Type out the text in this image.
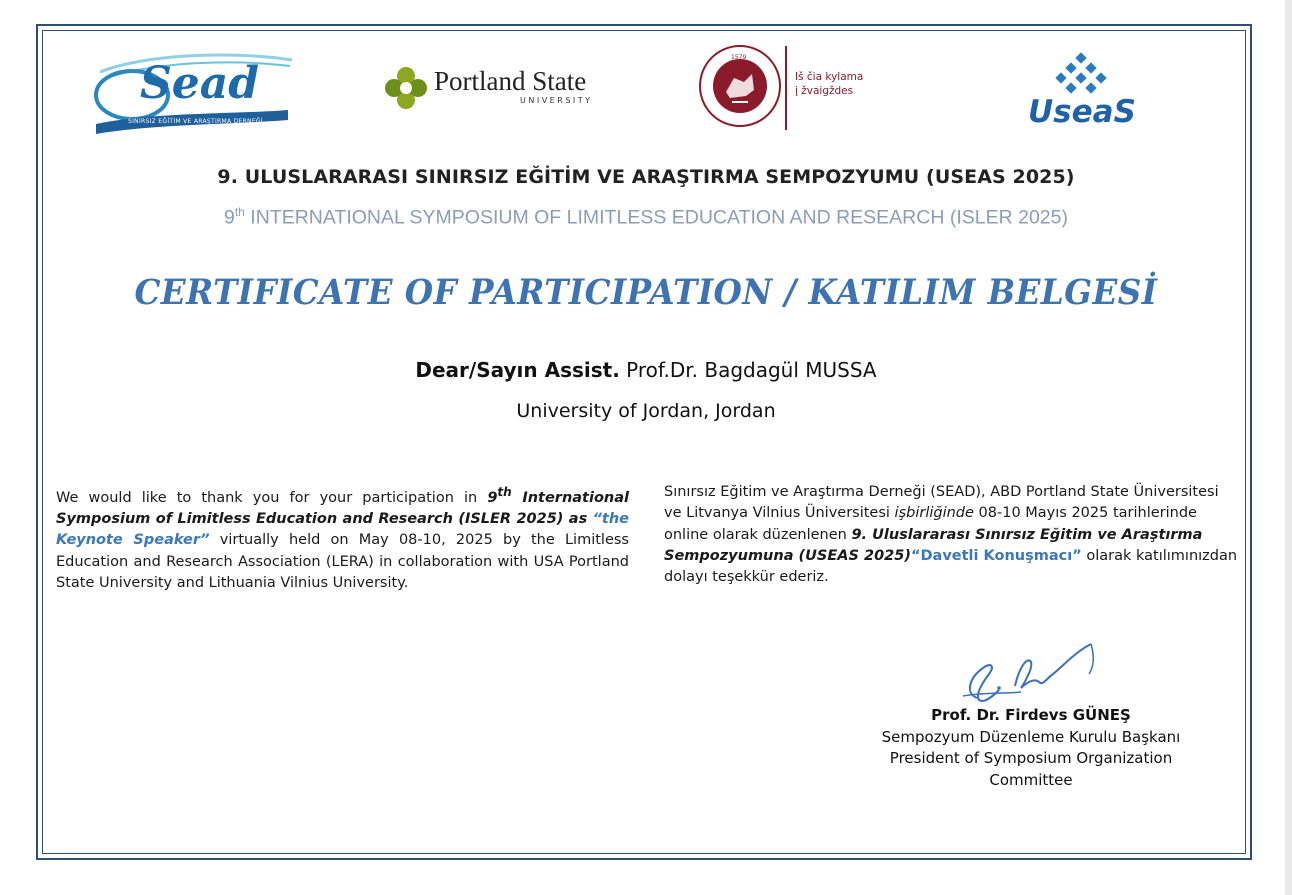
Sead
SINIRSIZ EĞİTİM VE ARAŞTIRMA DERNEĞİ
Portland State
UNIVERSITY
1579
Iš čia kylama
į žvaigždes
UseaS
9. ULUSLARARASI SINIRSIZ EĞİTİM VE ARAŞTIRMA SEMPOZYUMU (USEAS 2025)
9th INTERNATIONAL SYMPOSIUM OF LIMITLESS EDUCATION AND RESEARCH (ISLER 2025)
CERTIFICATE OF PARTICIPATION / KATILIM BELGESİ
Dear/Sayın Assist. Prof.Dr. Bagdagül MUSSA
University of Jordan, Jordan
We would like to thank you for your participation in 9th International Symposium of Limitless Education and Research (ISLER 2025) as “the Keynote Speaker” virtually held on May 08-10, 2025 by the Limitless Education and Research Association (LERA) in collaboration with USA Portland State University and Lithuania Vilnius University.
Sınırsız Eğitim ve Araştırma Derneği (SEAD), ABD Portland State Üniversitesi ve Litvanya Vilnius Üniversitesi işbirliğinde 08-10 Mayıs 2025 tarihlerinde online olarak düzenlenen 9. Uluslararası Sınırsız Eğitim ve Araştırma Sempozyumuna (USEAS 2025)“Davetli Konuşmacı” olarak katılımınızdan dolayı teşekkür ederiz.
Prof. Dr. Firdevs GÜNEŞ
Sempozyum Düzenleme Kurulu Başkanı
President of Symposium Organization Committee
